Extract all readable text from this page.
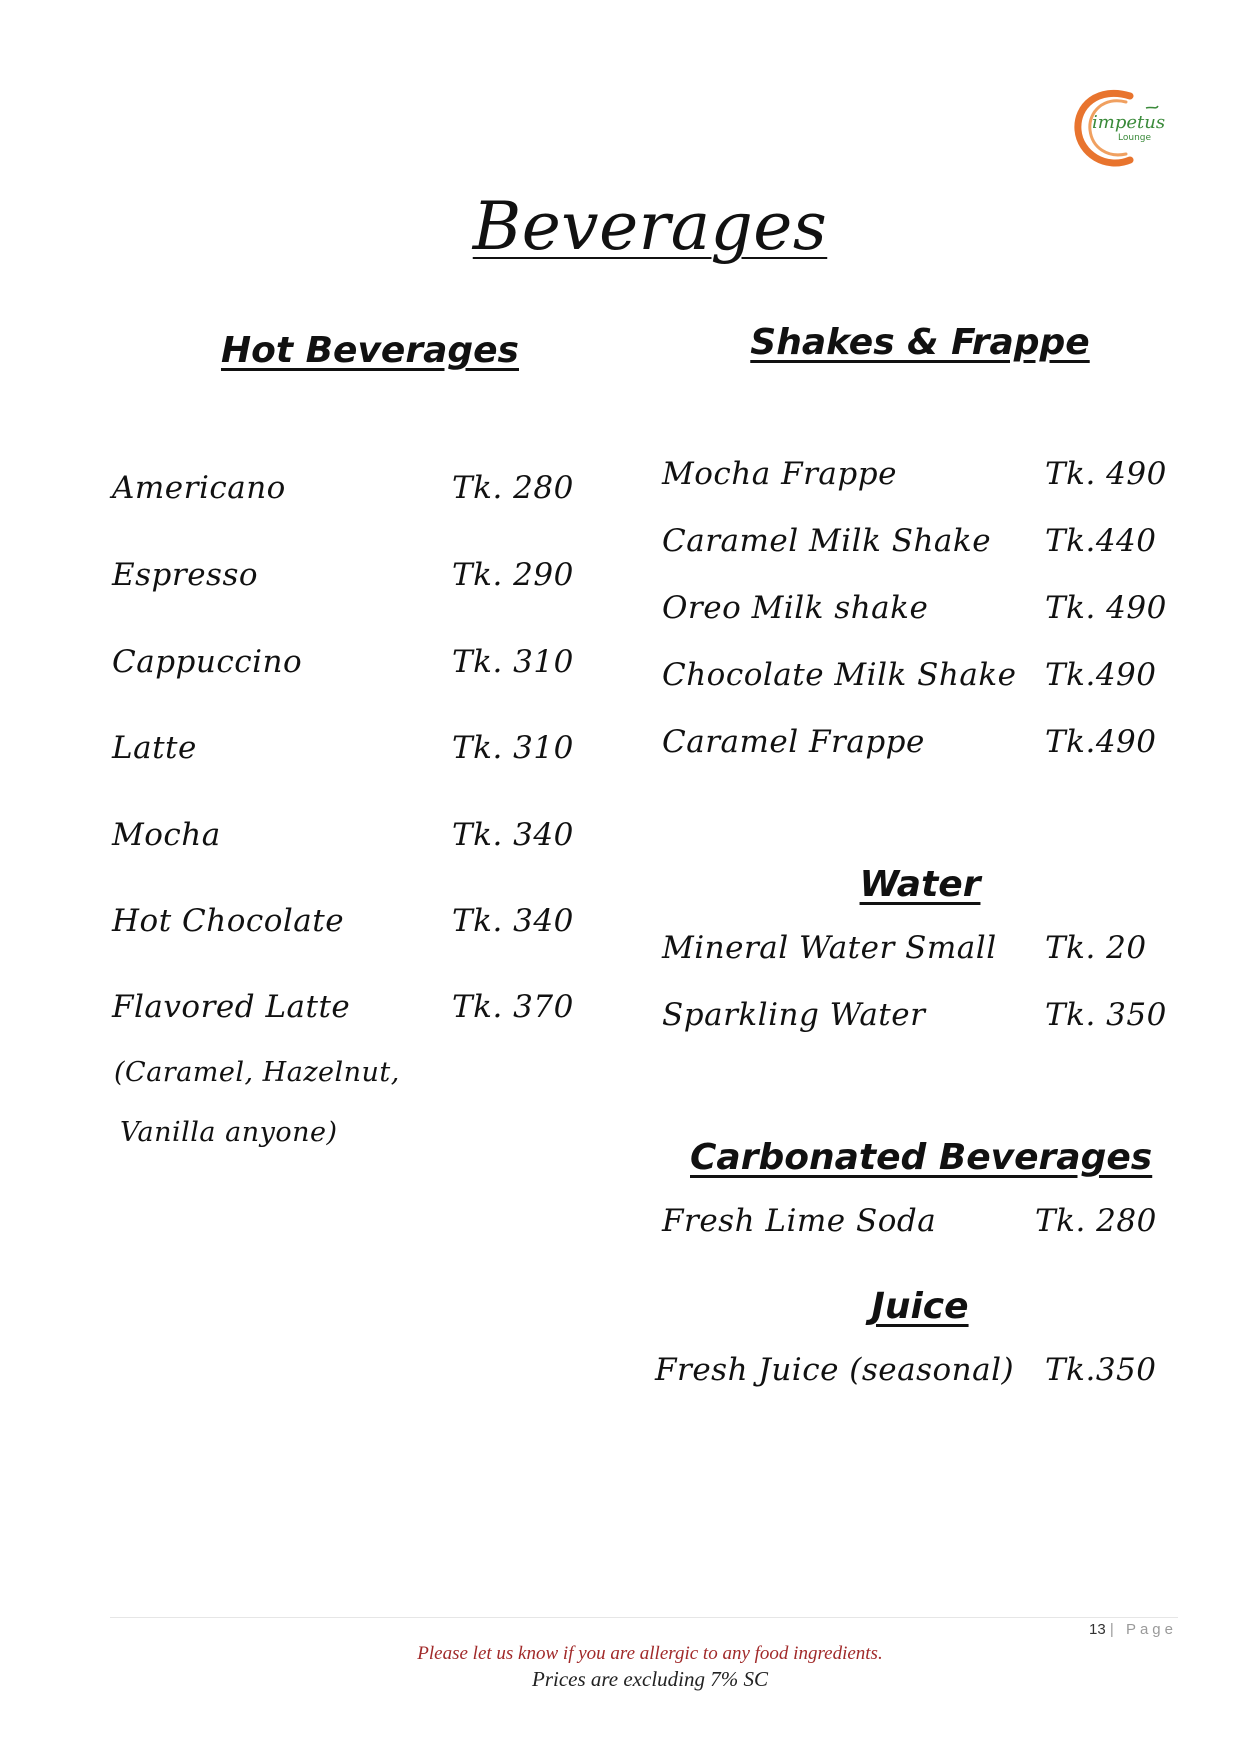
impetus
Lounge
Beverages
Hot Beverages
Americano	Tk. 280
Espresso	Tk. 290
Cappuccino	Tk. 310
Latte	Tk. 310
Mocha	Tk. 340
Hot Chocolate	Tk. 340
Flavored Latte	Tk. 370
(Caramel, Hazelnut,
Vanilla anyone)
Shakes & Frappe
Mocha Frappe	Tk. 490
Caramel Milk Shake Tk.440
Oreo Milk shake	Tk. 490
Chocolate Milk Shake Tk.490
Caramel Frappe	Tk.490
Water
Mineral Water Small Tk. 20
Sparkling Water	Tk. 350
Carbonated Beverages
Fresh Lime Soda	Tk. 280
Juice
Fresh Juice (seasonal) Tk.350
13 | Page
Please let us know if you are allergic to any food ingredients.
Prices are excluding 7% SC
